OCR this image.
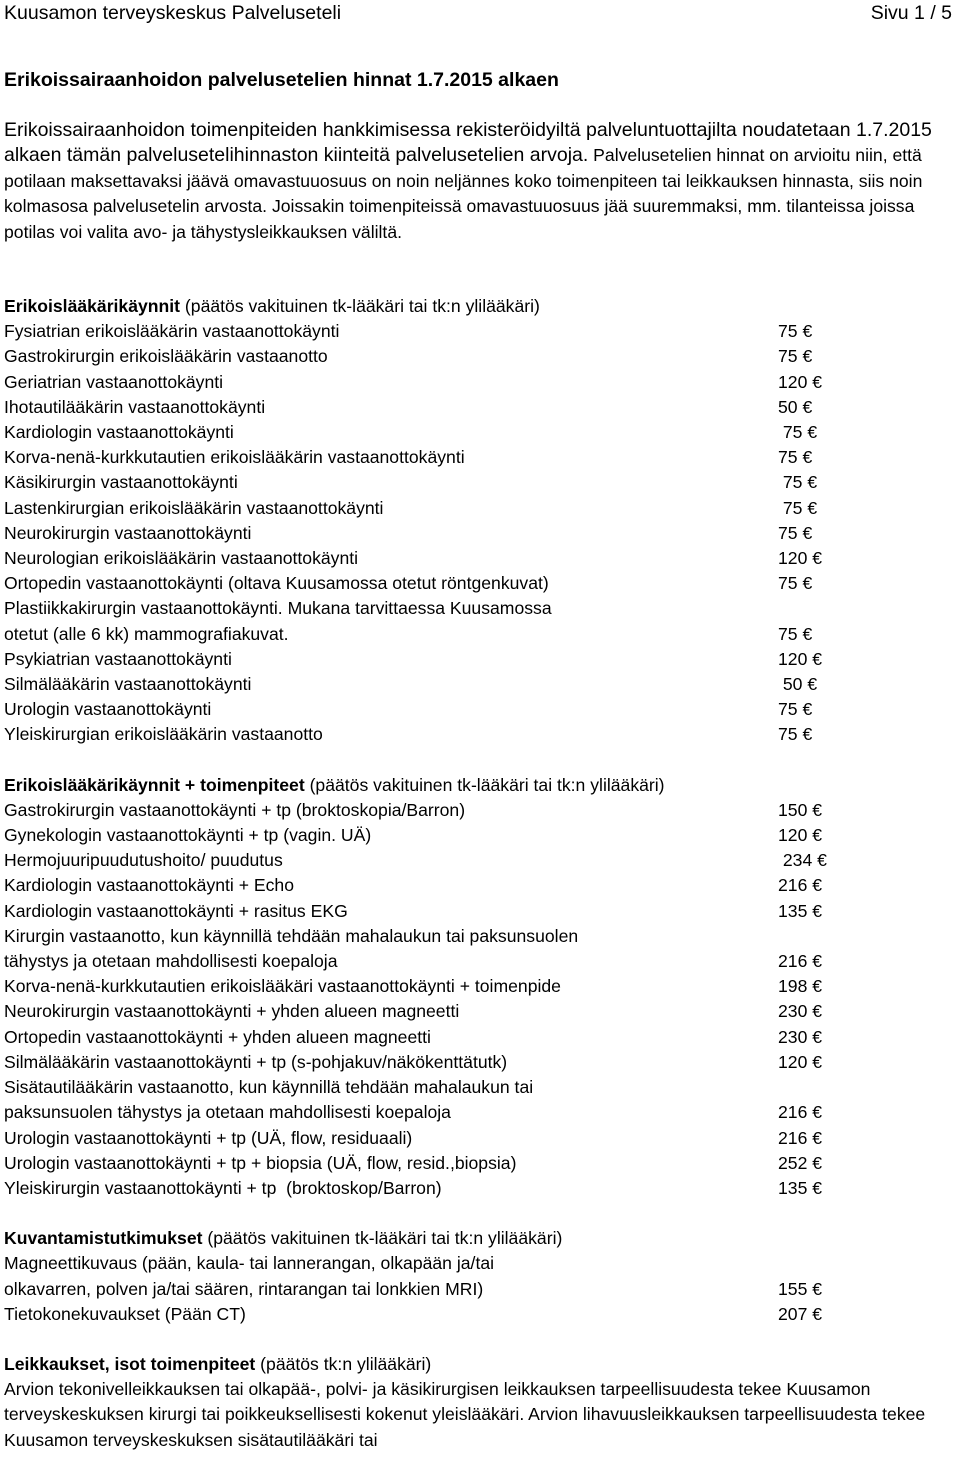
Kuusamon terveyskeskus Palveluseteli	Sivu 1 / 5
Erikoissairaanhoidon palvelusetelien hinnat 1.7.2015 alkaen
Erikoissairaanhoidon toimenpiteiden hankkimisessa rekisteröidyiltä palveluntuottajilta noudatetaan 1.7.2015 alkaen tämän palvelusetelihinnaston kiinteitä palvelusetelien arvoja. Palvelusetelien hinnat on arvioitu niin, että potilaan maksettavaksi jäävä omavastuuosuus on noin neljännes koko toimenpiteen tai leikkauksen hinnasta, siis noin kolmasosa palvelusetelin arvosta. Joissakin toimenpiteissä omavastuuosuus jää suuremmaksi, mm. tilanteissa joissa potilas voi valita avo- ja tähystysleikkauksen väliltä.
Erikoislääkärikäynnit (päätös vakituinen tk-lääkäri tai tk:n ylilääkäri)
Fysiatrian erikoislääkärin vastaanottokäynti	75 €
Gastrokirurgin erikoislääkärin vastaanotto	75 €
Geriatrian vastaanottokäynti	120 €
Ihotautilääkärin vastaanottokäynti	50 €
Kardiologin vastaanottokäynti	75 €
Korva-nenä-kurkkutautien erikoislääkärin vastaanottokäynti	75 €
Käsikirurgin vastaanottokäynti	75 €
Lastenkirurgian erikoislääkärin vastaanottokäynti	75 €
Neurokirurgin vastaanottokäynti	75 €
Neurologian erikoislääkärin vastaanottokäynti	120 €
Ortopedin vastaanottokäynti (oltava Kuusamossa otetut röntgenkuvat)	75 €
Plastiikkakirurgin vastaanottokäynti. Mukana tarvittaessa Kuusamossa
otetut (alle 6 kk) mammografiakuvat.	75 €
Psykiatrian vastaanottokäynti	120 €
Silmälääkärin vastaanottokäynti	50 €
Urologin vastaanottokäynti	75 €
Yleiskirurgian erikoislääkärin vastaanotto	75 €
Erikoislääkärikäynnit + toimenpiteet (päätös vakituinen tk-lääkäri tai tk:n ylilääkäri)
Gastrokirurgin vastaanottokäynti + tp (broktoskopia/Barron)	150 €
Gynekologin vastaanottokäynti + tp (vagin. UÄ)	120 €
Hermojuuripuudutushoito/ puudutus	234 €
Kardiologin vastaanottokäynti + Echo	216 €
Kardiologin vastaanottokäynti + rasitus EKG	135 €
Kirurgin vastaanotto, kun käynnillä tehdään mahalaukun tai paksunsuolen
tähystys ja otetaan mahdollisesti koepaloja	216 €
Korva-nenä-kurkkutautien erikoislääkäri vastaanottokäynti + toimenpide	198 €
Neurokirurgin vastaanottokäynti + yhden alueen magneetti	230 €
Ortopedin vastaanottokäynti + yhden alueen magneetti	230 €
Silmälääkärin vastaanottokäynti + tp (s-pohjakuv/näkökenttätutk)	120 €
Sisätautilääkärin vastaanotto, kun käynnillä tehdään mahalaukun tai
paksunsuolen tähystys ja otetaan mahdollisesti koepaloja	216 €
Urologin vastaanottokäynti + tp (UÄ, flow, residuaali)	216 €
Urologin vastaanottokäynti + tp + biopsia (UÄ, flow, resid.,biopsia)	252 €
Yleiskirurgin vastaanottokäynti + tp  (broktoskop/Barron)	135 €
Kuvantamistutkimukset (päätös vakituinen tk-lääkäri tai tk:n ylilääkäri)
Magneettikuvaus (pään, kaula- tai lannerangan, olkapään ja/tai
olkavarren, polven ja/tai säären, rintarangan tai lonkkien MRI)	155 €
Tietokonekuvaukset (Pään CT)	207 €
Leikkaukset, isot toimenpiteet (päätös tk:n ylilääkäri)
Arvion tekonivelleikkauksen tai olkapää-, polvi- ja käsikirurgisen leikkauksen tarpeellisuudesta tekee Kuusamon terveyskeskuksen kirurgi tai poikkeuksellisesti kokenut yleislääkäri. Arvion lihavuusleikkauksen tarpeellisuudesta tekee Kuusamon terveyskeskuksen sisätautilääkäri tai
